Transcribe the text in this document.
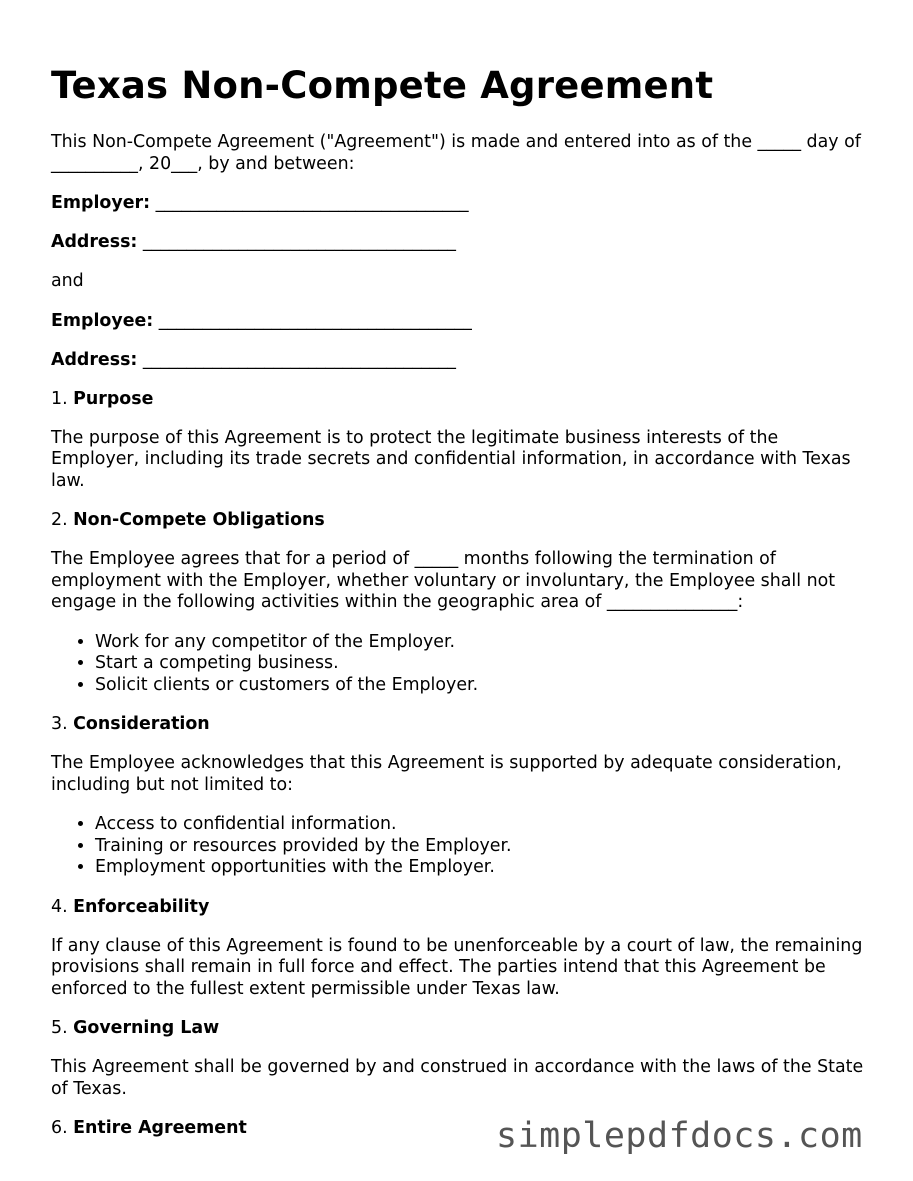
Texas Non-Compete Agreement

This Non-Compete Agreement ("Agreement") is made and entered into as of the _____ day of __________, 20___, by and between:

Employer: ____________________________________
Address: ____________________________________

and

Employee: ____________________________________
Address: ____________________________________
1. Purpose

The purpose of this Agreement is to protect the legitimate business interests of the Employer, including its trade secrets and confidential information, in accordance with Texas law.

2. Non-Compete Obligations

The Employee agrees that for a period of _____ months following the termination of employment with the Employer, whether voluntary or involuntary, the Employee shall not engage in the following activities within the geographic area of _______________:

• Work for any competitor of the Employer.
• Start a competing business.
• Solicit clients or customers of the Employer.
3. Consideration

The Employee acknowledges that this Agreement is supported by adequate consideration, including but not limited to:

• Access to confidential information.
• Training or resources provided by the Employer.
• Employment opportunities with the Employer.
4. Enforceability

If any clause of this Agreement is found to be unenforceable by a court of law, the remaining provisions shall remain in full force and effect. The parties intend that this Agreement be enforced to the fullest extent permissible under Texas law.

5. Governing Law

This Agreement shall be governed by and construed in accordance with the laws of the State of Texas.

6. Entire Agreement	simplepdfdocs.com
